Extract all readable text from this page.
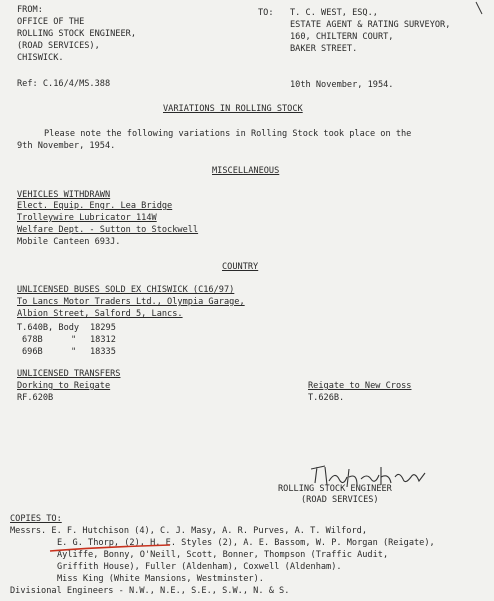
FROM:
OFFICE OF THE
ROLLING STOCK ENGINEER,
(ROAD SERVICES),
CHISWICK.
Ref: C.16/4/MS.388
TO: T. C. WEST, ESQ.,
ESTATE AGENT & RATING SURVEYOR,
160, CHILTERN COURT,
BAKER STREET.
10th November, 1954.
VARIATIONS IN ROLLING STOCK
Please note the following variations in Rolling Stock took place on the
9th November, 1954.
MISCELLANEOUS
VEHICLES WITHDRAWN
Elect. Equip. Engr. Lea Bridge
Trolleywire Lubricator 114W
Welfare Dept. - Sutton to Stockwell
Mobile Canteen 693J.
COUNTRY
UNLICENSED BUSES SOLD EX CHISWICK (C16/97)
To Lancs Motor Traders Ltd., Olympia Garage,
Albion Street, Salford 5, Lancs.
T.640B, Body 18295
678B	" 18312
696B	" 18335
UNLICENSED TRANSFERS
Dorking to Reigate
RF.620B
Reigate to New Cross
T.626B.

ROLLING STOCK ENGINEER
(ROAD SERVICES)
COPIES TO:
Messrs. E. F. Hutchison (4), C. J. Masy, A. R. Purves, A. T. Wilford,
E. G. Thorp, (2), H. E. Styles (2), A. E. Bassom, W. P. Morgan (Reigate),
Ayliffe, Bonny, O'Neill, Scott, Bonner, Thompson (Traffic Audit,
Griffith House), Fuller (Aldenham), Coxwell (Aldenham).
Miss King (White Mansions, Westminster).
Divisional Engineers - N.W., N.E., S.E., S.W., N. & S.
